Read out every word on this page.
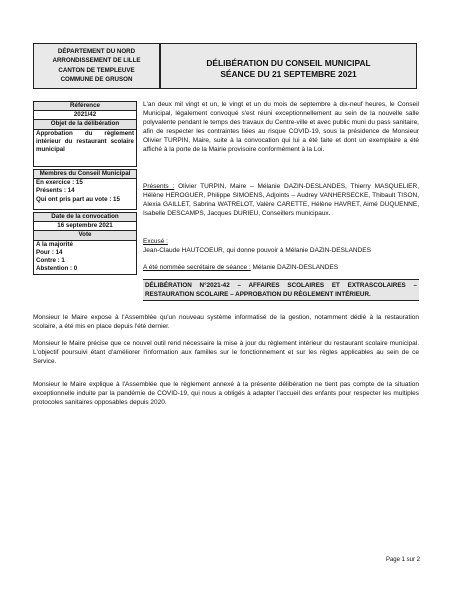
DÉPARTEMENT DU NORD
ARRONDISSEMENT DE LILLE
CANTON DE TEMPLEUVE
COMMUNE DE GRUSON
DÉLIBÉRATION DU CONSEIL MUNICIPAL
SÉANCE DU 21 SEPTEMBRE 2021
Référence
2021/42
Objet de la délibération
Approbation du règlement intérieur du restaurant scolaire municipal
Membres du Conseil Municipal
En exercice : 15
Présents : 14
Qui ont pris part au vote : 15
Date de la convocation
16 septembre 2021
Vote
A la majorité
Pour : 14
Contre : 1
Abstention : 0
L'an deux mil vingt et un, le vingt et un du mois de septembre à dix-neuf heures, le Conseil Municipal, légalement convoqué s'est réuni exceptionnellement au sein de la nouvelle salle polyvalente pendant le temps des travaux du Centre-ville et avec public muni du pass sanitaire, afin de respecter les contraintes liées au risque COVID-19, sous la présidence de Monsieur Olivier TURPIN, Maire, suite à la convocation qui lui a été faite et dont un exemplaire a été affiché à la porte de la Mairie provisoire conformément à la Loi.
Présents : Olivier TURPIN, Maire – Mélanie DAZIN-DESLANDES, Thierry MASQUELIER, Hélène HEROGUER, Philippe SIMOENS, Adjoints – Audrey VANHERSECKE, Thibault TISON, Alexia GAILLET, Sabrina WATRELOT, Valère CARETTE, Hélène HAVRET, Aimé DUQUENNE, Isabelle DESCAMPS, Jacques DURIEU, Conseillers municipaux.
Excusé :
Jean-Claude HAUTCOEUR, qui donne pouvoir à Mélanie DAZIN-DESLANDES
A été nommée secrétaire de séance : Mélanie DAZIN-DESLANDES
DÉLIBÉRATION N°2021-42 – AFFAIRES SCOLAIRES ET EXTRASCOLAIRES – RESTAURATION SCOLAIRE – APPROBATION DU RÈGLEMENT INTÉRIEUR.
Monsieur le Maire expose à l'Assemblée qu'un nouveau système informatisé de la gestion, notamment dédié à la restauration scolaire, a été mis en place depuis l'été dernier.
Monsieur le Maire précise que ce nouvel outil rend nécessaire la mise à jour du règlement intérieur du restaurant scolaire municipal. L'objectif poursuivi étant d'améliorer l'information aux familles sur le fonctionnement et sur les règles applicables au sein de ce Service.
Monsieur le Maire explique à l'Assemblée que le règlement annexé à la présente délibération ne tient pas compte de la situation exceptionnelle induite par la pandémie de COVID-19, qui nous a obligés à adapter l'accueil des enfants pour respecter les multiples protocoles sanitaires opposables depuis 2020.
Page 1 sur 2
